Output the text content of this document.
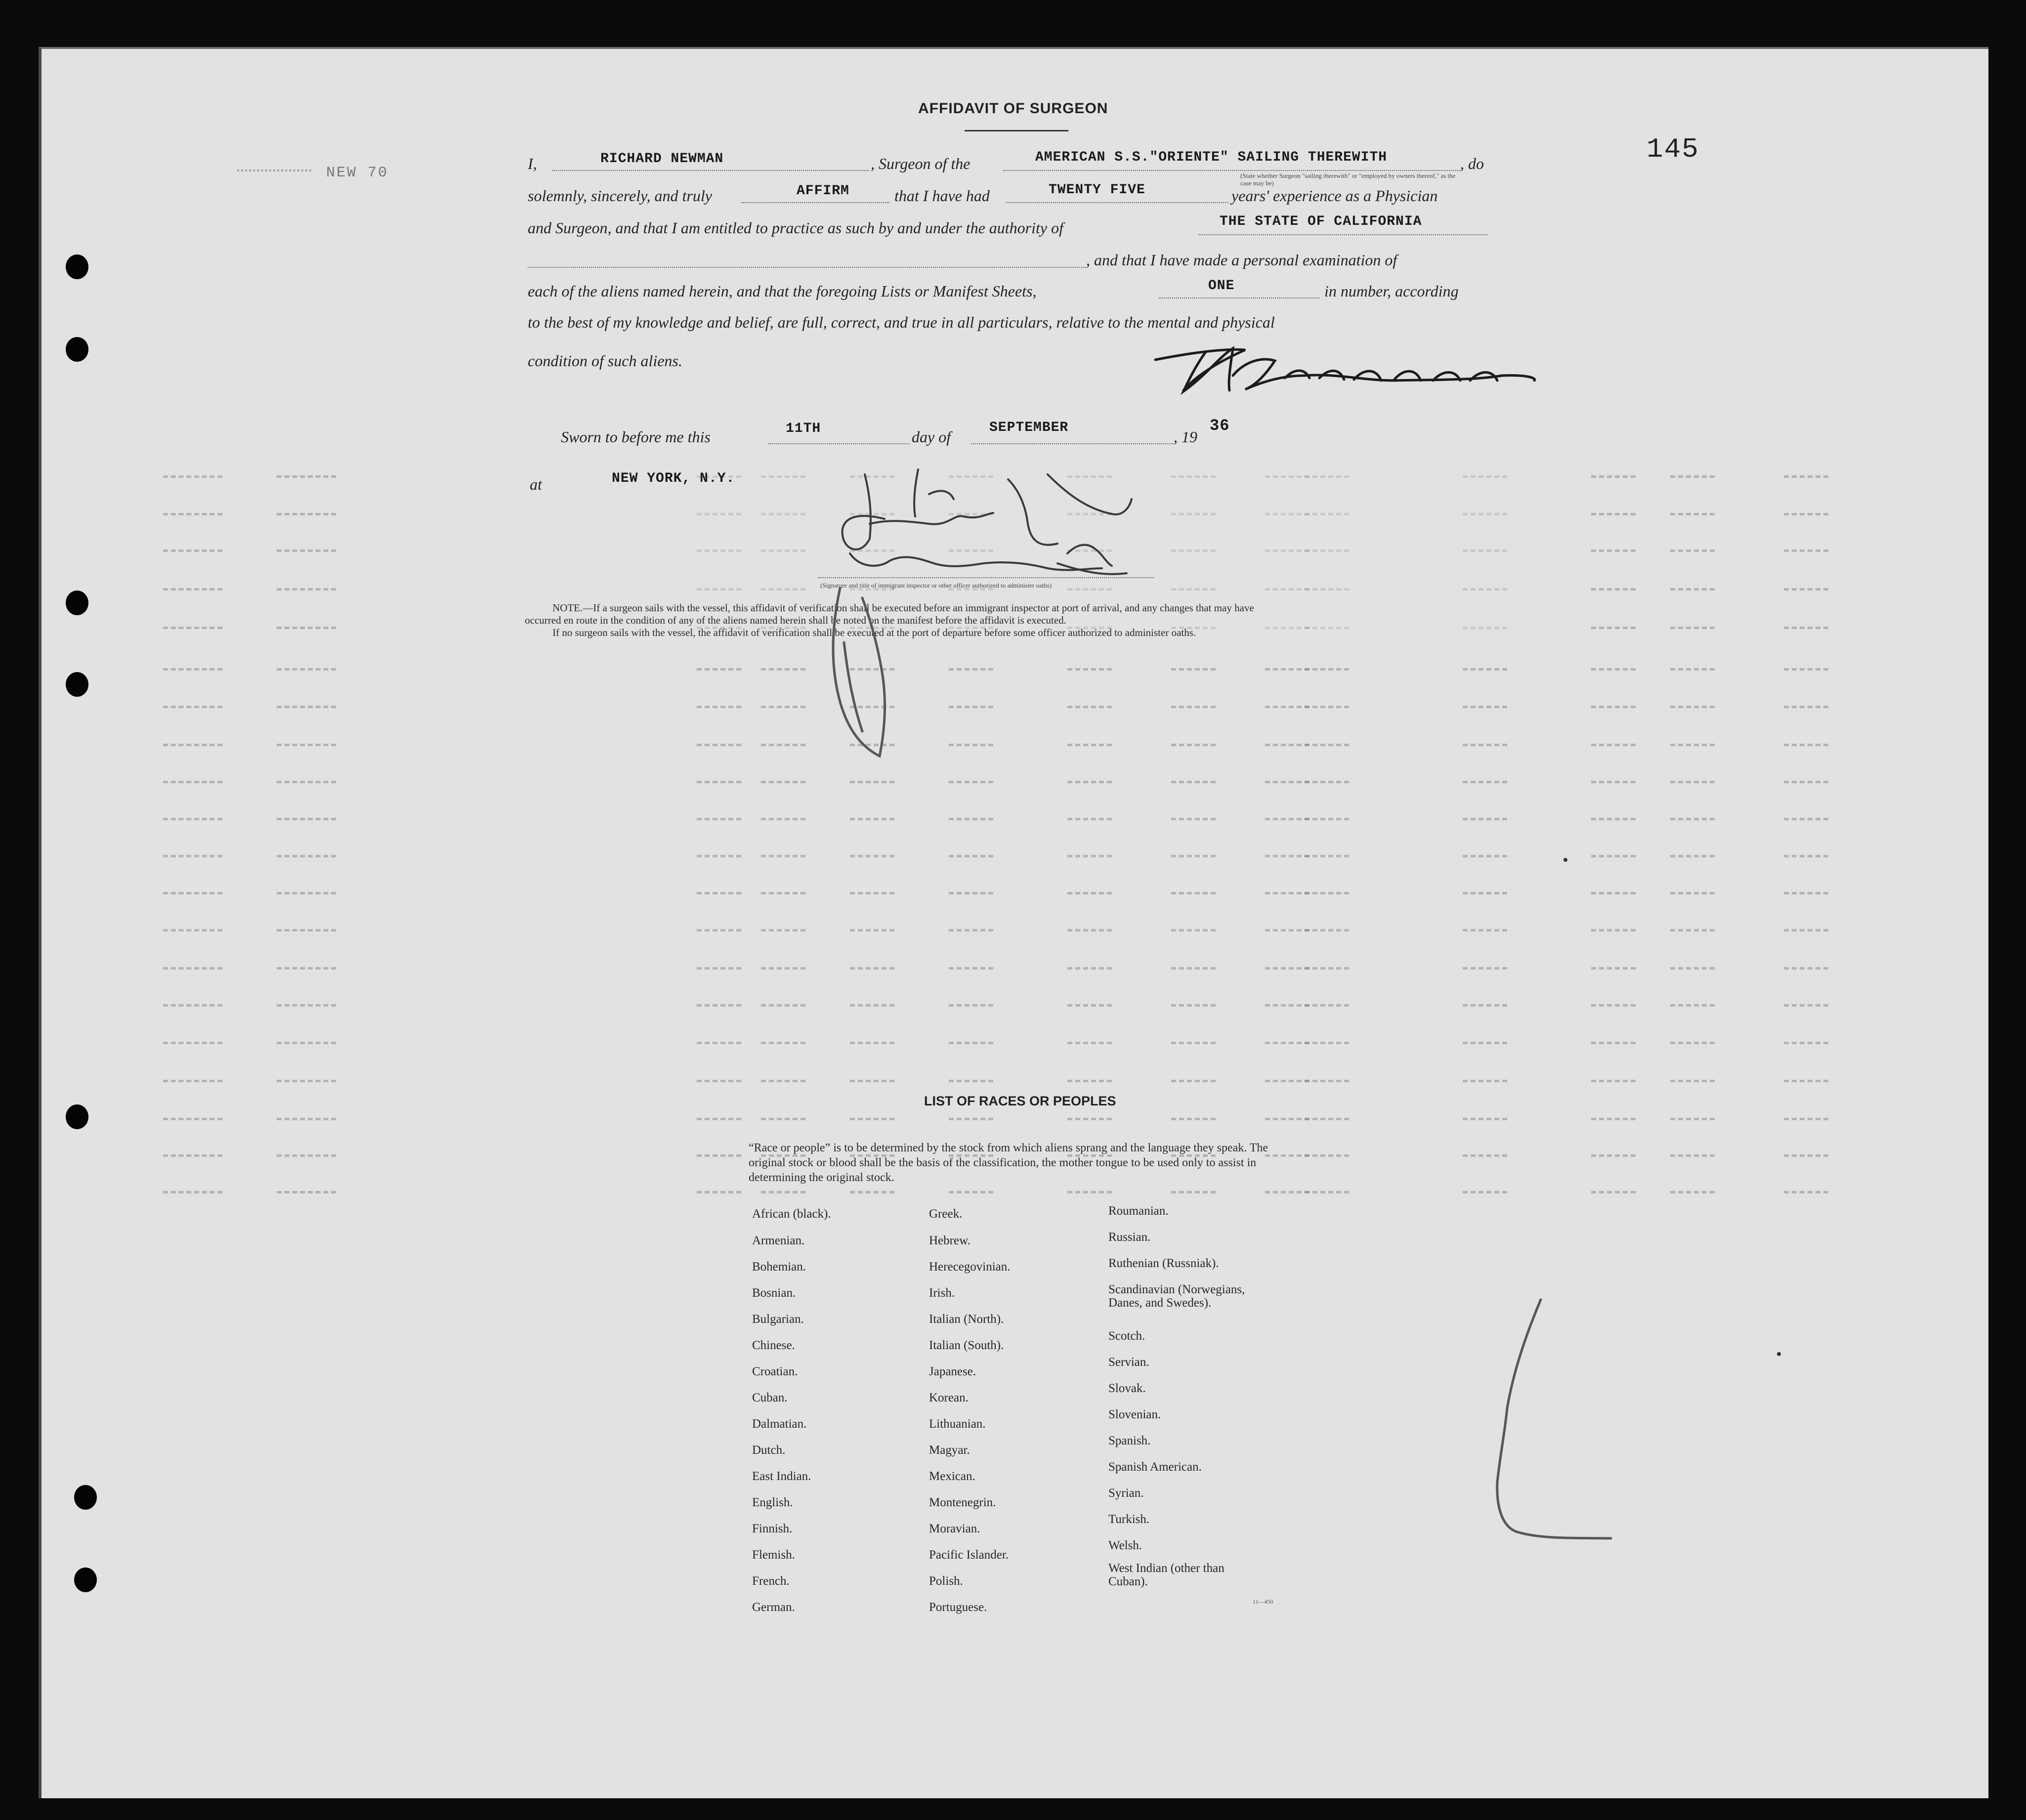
NEW 70
145
AFFIDAVIT OF SURGEON
I,	RICHARD NEWMAN	, Surgeon of the	AMERICAN S.S."ORIENTE" SAILING THEREWITH	, do
(State whether Surgeon "sailing therewith" or "employed by owners thereof," as the case may be)
solemnly, sincerely, and truly	AFFIRM	that I have had	TWENTY FIVE	years' experience as a Physician
and Surgeon, and that I am entitled to practice as such by and under the authority of	THE STATE OF CALIFORNIA
, and that I have made a personal examination of
each of the aliens named herein, and that the foregoing Lists or Manifest Sheets,	ONE	in number, according
to the best of my knowledge and belief, are full, correct, and true in all particulars, relative to the mental and physical
condition of such aliens.
Sworn to before me this	11TH	day of
SEPTEMBER
, 19
36
at	NEW YORK, N.Y.
(Signature and title of immigrant inspector or other officer authorized to administer oaths)
NOTE.—If a surgeon sails with the vessel, this affidavit of verification shall be executed before an immigrant inspector at port of arrival, and any changes that may have
occurred en route in the condition of any of the aliens named herein shall be noted on the manifest before the affidavit is executed.
If no surgeon sails with the vessel, the affidavit of verification shall be executed at the port of departure before some officer authorized to administer oaths.
LIST OF RACES OR PEOPLES
“Race or people” is to be determined by the stock from which aliens sprang and the language they speak. The original stock or blood shall be the basis of the classification, the mother tongue to be used only to assist in determining the original stock.
African (black).
Armenian.
Bohemian.
Bosnian.
Bulgarian.
Chinese.
Croatian.
Cuban.
Dalmatian.
Dutch.
East Indian.
English.
Finnish.
Flemish.
French.
German.
Greek.
Hebrew.
Herecegovinian.
Irish.
Italian (North).
Italian (South).
Japanese.
Korean.
Lithuanian.
Magyar.
Mexican.
Montenegrin.
Moravian.
Pacific Islander.
Polish.
Portuguese.
Roumanian.
Russian.
Ruthenian (Russniak).
Scandinavian (Norwegians, Danes, and Swedes).
Scotch.
Servian.
Slovak.
Slovenian.
Spanish.
Spanish American.
Syrian.
Turkish.
Welsh.
West Indian (other than Cuban).
11—450
